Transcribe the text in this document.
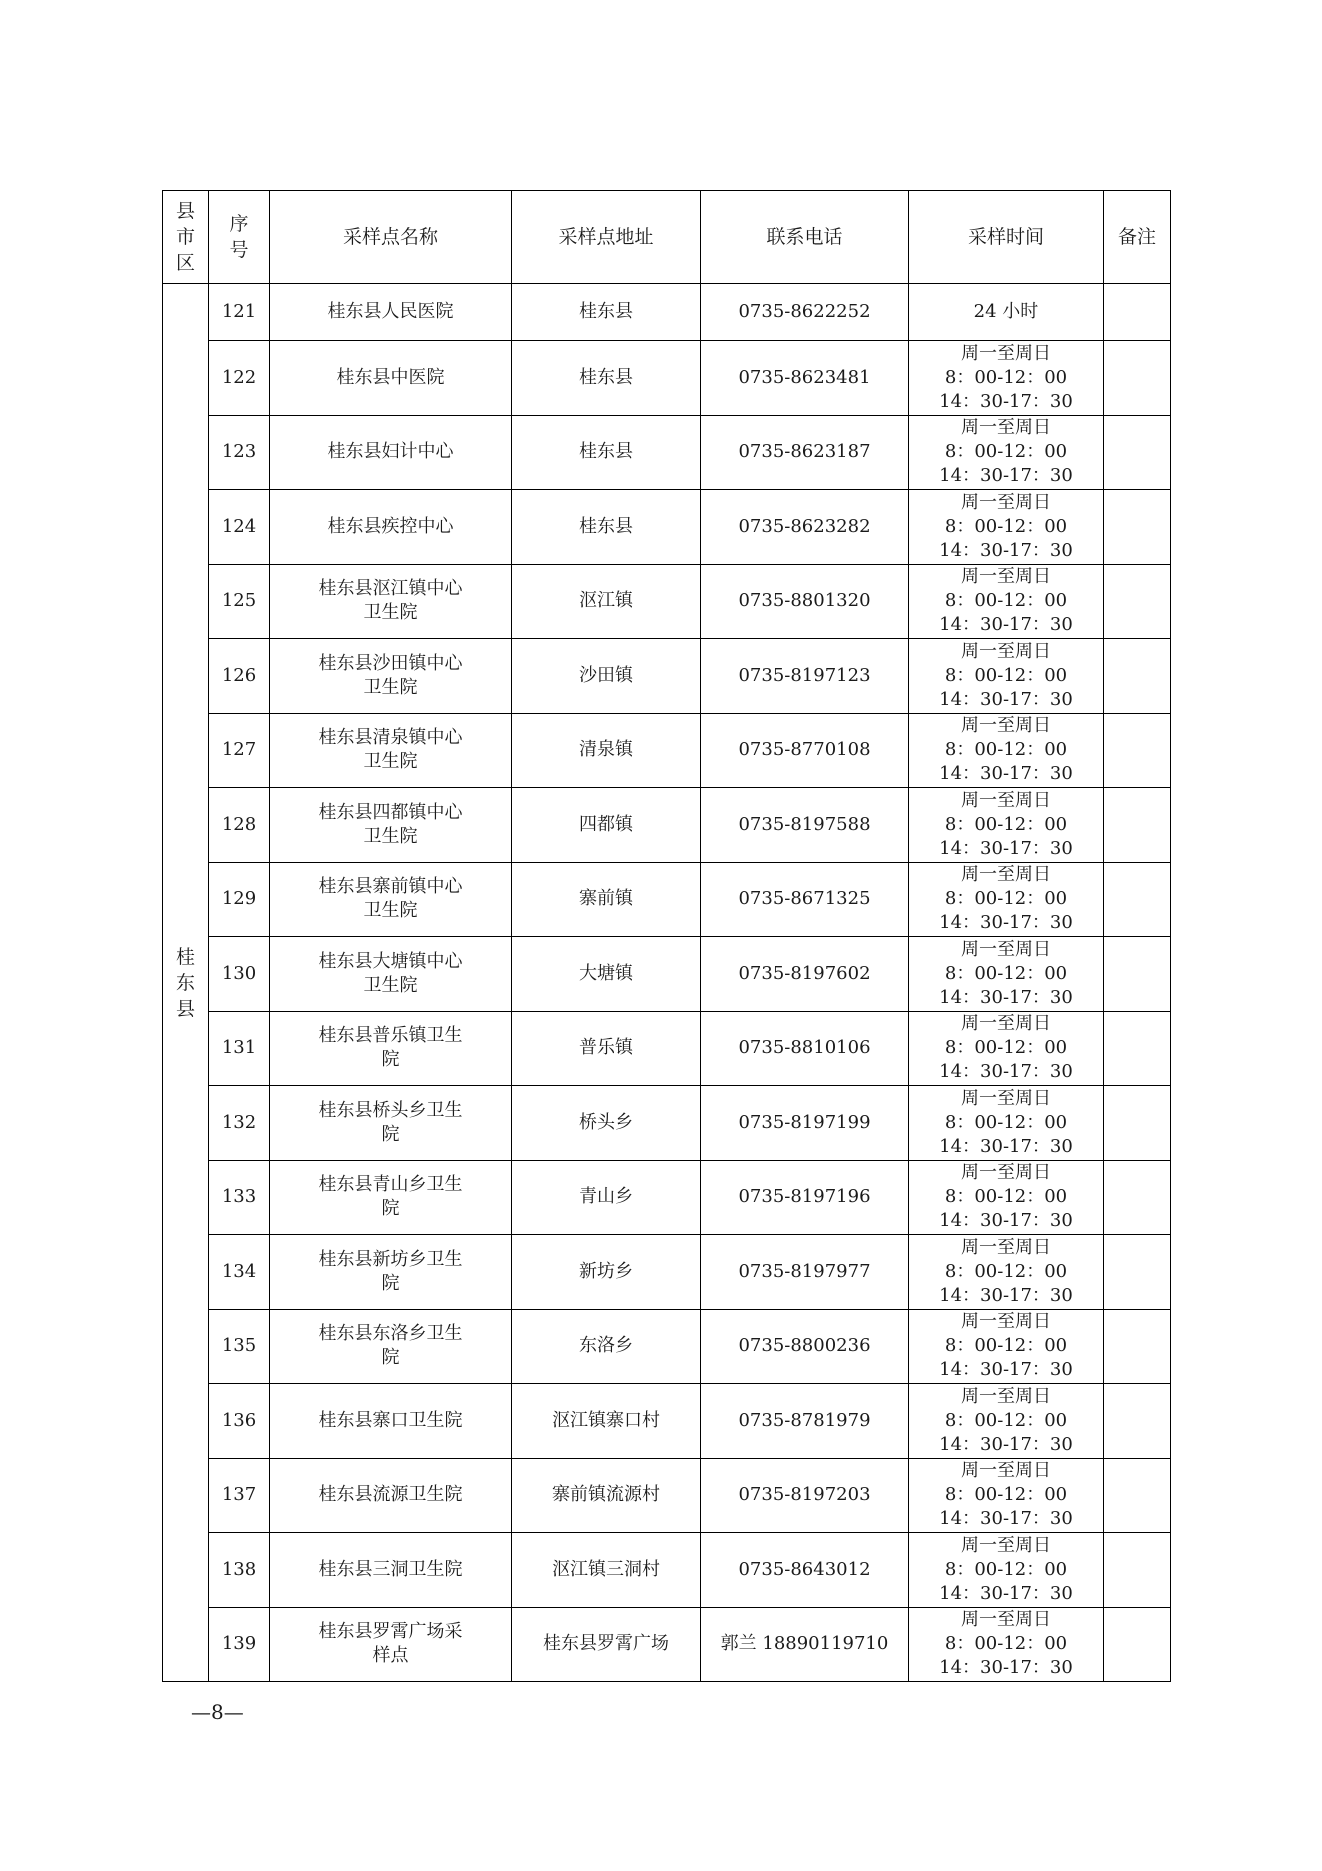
县市区	序号	采样点名称	采样点地址	联系电话	采样时间	备注
桂东县	121	桂东县人民医院	桂东县	0735-8622252	24 小时	

	122	桂东县中医院	桂东县	0735-8623481	周一至周日
8：00-12：00
14：30-17：30	

	123	桂东县妇计中心	桂东县	0735-8623187	周一至周日
8：00-12：00
14：30-17：30	

	124	桂东县疾控中心	桂东县	0735-8623282	周一至周日
8：00-12：00
14：30-17：30	

	125	桂东县沤江镇中心卫生院	沤江镇	0735-8801320	周一至周日
8：00-12：00
14：30-17：30	

	126	桂东县沙田镇中心卫生院	沙田镇	0735-8197123	周一至周日
8：00-12：00
14：30-17：30	

	127	桂东县清泉镇中心卫生院	清泉镇	0735-8770108	周一至周日
8：00-12：00
14：30-17：30	

	128	桂东县四都镇中心卫生院	四都镇	0735-8197588	周一至周日
8：00-12：00
14：30-17：30	

	129	桂东县寨前镇中心卫生院	寨前镇	0735-8671325	周一至周日
8：00-12：00
14：30-17：30	

	130	桂东县大塘镇中心卫生院	大塘镇	0735-8197602	周一至周日
8：00-12：00
14：30-17：30	

	131	桂东县普乐镇卫生院	普乐镇	0735-8810106	周一至周日
8：00-12：00
14：30-17：30	

	132	桂东县桥头乡卫生院	桥头乡	0735-8197199	周一至周日
8：00-12：00
14：30-17：30	

	133	桂东县青山乡卫生院	青山乡	0735-8197196	周一至周日
8：00-12：00
14：30-17：30	

	134	桂东县新坊乡卫生院	新坊乡	0735-8197977	周一至周日
8：00-12：00
14：30-17：30	

	135	桂东县东洛乡卫生院	东洛乡	0735-8800236	周一至周日
8：00-12：00
14：30-17：30	

	136	桂东县寨口卫生院	沤江镇寨口村	0735-8781979	周一至周日
8：00-12：00
14：30-17：30	

	137	桂东县流源卫生院	寨前镇流源村	0735-8197203	周一至周日
8：00-12：00
14：30-17：30	

	138	桂东县三洞卫生院	沤江镇三洞村	0735-8643012	周一至周日
8：00-12：00
14：30-17：30	

	139	桂东县罗霄广场采样点	桂东县罗霄广场	郭兰 18890119710	周一至周日
8：00-12：00
14：30-17：30	

—8—
